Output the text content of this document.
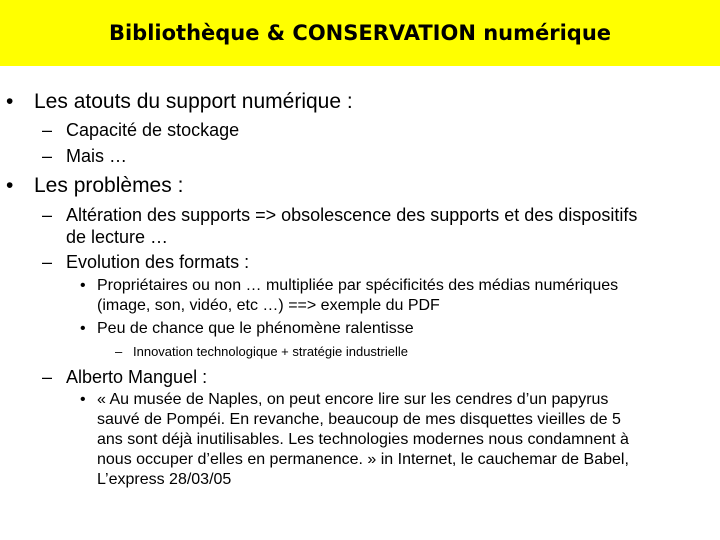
Bibliothèque & CONSERVATION numérique
• Les atouts du support numérique :
– Capacité de stockage
– Mais …
• Les problèmes :
– Altération des supports => obsolescence des supports et des dispositifs
de lecture …
– Evolution des formats :
• Propriétaires ou non … multipliée par spécificités des médias numériques
(image, son, vidéo, etc …) ==> exemple du PDF
• Peu de chance que le phénomène ralentisse
– Innovation technologique + stratégie industrielle
– Alberto Manguel :
• « Au musée de Naples, on peut encore lire sur les cendres d’un papyrus
sauvé de Pompéi. En revanche, beaucoup de mes disquettes vieilles de 5
ans sont déjà inutilisables. Les technologies modernes nous condamnent à
nous occuper d’elles en permanence. » in Internet, le cauchemar de Babel,
L’express 28/03/05
